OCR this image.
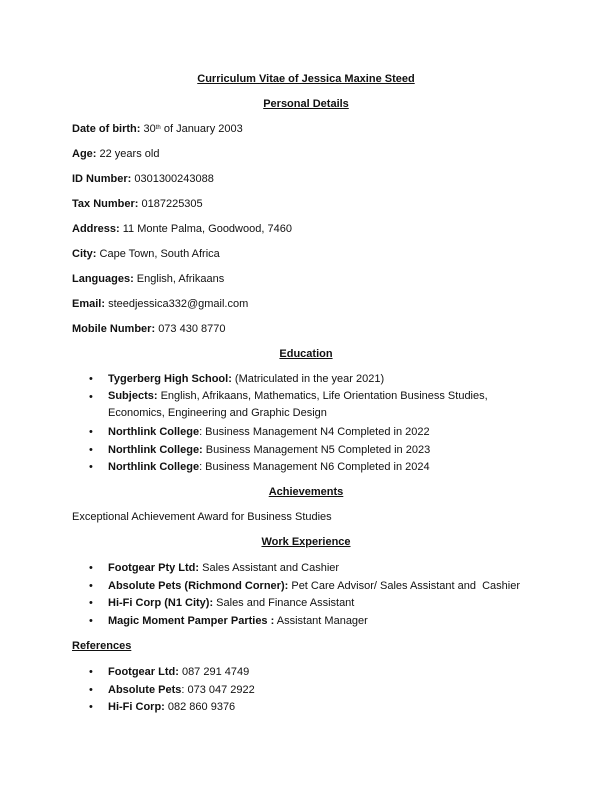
Curriculum Vitae of Jessica Maxine Steed
Personal Details
Date of birth: 30th of January 2003
Age: 22 years old
ID Number: 0301300243088
Tax Number: 0187225305
Address: 11 Monte Palma, Goodwood, 7460
City: Cape Town, South Africa
Languages: English, Afrikaans
Email: steedjessica332@gmail.com
Mobile Number: 073 430 8770
Education
• Tygerberg High School: (Matriculated in the year 2021)
• Subjects: English, Afrikaans, Mathematics, Life Orientation Business Studies, Economics, Engineering and Graphic Design
• Northlink College: Business Management N4 Completed in 2022
• Northlink College: Business Management N5 Completed in 2023
• Northlink College: Business Management N6 Completed in 2024
Achievements
Exceptional Achievement Award for Business Studies
Work Experience
• Footgear Pty Ltd: Sales Assistant and Cashier
• Absolute Pets (Richmond Corner): Pet Care Advisor/ Sales Assistant and  Cashier
• Hi-Fi Corp (N1 City): Sales and Finance Assistant
• Magic Moment Pamper Parties : Assistant Manager
References
• Footgear Ltd: 087 291 4749
• Absolute Pets: 073 047 2922
• Hi-Fi Corp: 082 860 9376
